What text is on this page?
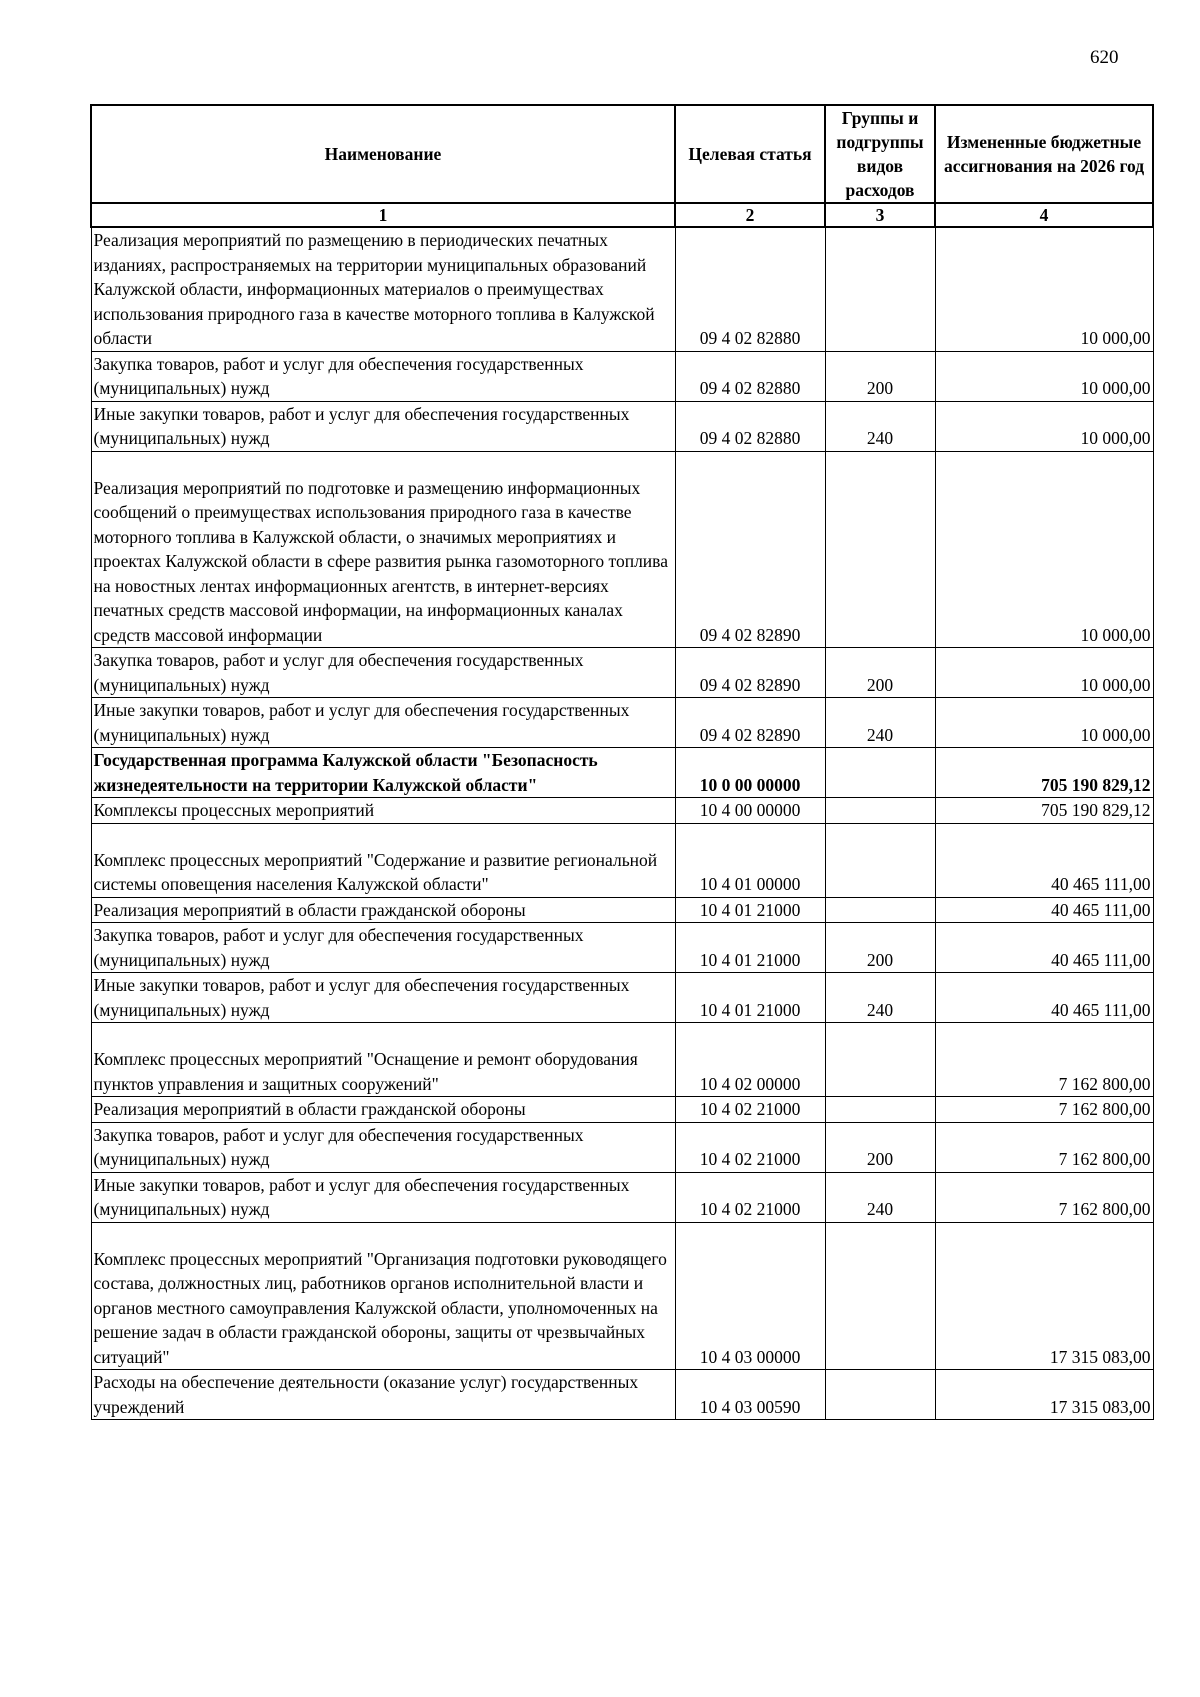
620
Наименование	Целевая статья	Группы и подгруппы видов расходов	Измененные бюджетные ассигнования на 2026 год
1	2	3	4
Реализация мероприятий по размещению в периодических печатных изданиях, распространяемых на территории муниципальных образований Калужской области, информационных материалов о преимуществах использования природного газа в качестве моторного топлива в Калужской области	09 4 02 82880		10 000,00
Закупка товаров, работ и услуг для обеспечения государственных (муниципальных) нужд	09 4 02 82880	200	10 000,00
Иные закупки товаров, работ и услуг для обеспечения государственных (муниципальных) нужд	09 4 02 82880	240	10 000,00
Реализация мероприятий по подготовке и размещению информационных сообщений о преимуществах использования природного газа в качестве моторного топлива в Калужской области, о значимых мероприятиях и проектах Калужской области в сфере развития рынка газомоторного топлива на новостных лентах информационных агентств, в интернет-версиях печатных средств массовой информации, на информационных каналах средств массовой информации	09 4 02 82890		10 000,00
Закупка товаров, работ и услуг для обеспечения государственных (муниципальных) нужд	09 4 02 82890	200	10 000,00
Иные закупки товаров, работ и услуг для обеспечения государственных (муниципальных) нужд	09 4 02 82890	240	10 000,00
Государственная программа Калужской области "Безопасность жизнедеятельности на территории Калужской области"	10 0 00 00000		705 190 829,12
Комплексы процессных мероприятий	10 4 00 00000		705 190 829,12
Комплекс процессных мероприятий "Содержание и развитие региональной системы оповещения населения Калужской области"	10 4 01 00000		40 465 111,00
Реализация мероприятий в области гражданской обороны	10 4 01 21000		40 465 111,00
Закупка товаров, работ и услуг для обеспечения государственных (муниципальных) нужд	10 4 01 21000	200	40 465 111,00
Иные закупки товаров, работ и услуг для обеспечения государственных (муниципальных) нужд	10 4 01 21000	240	40 465 111,00
Комплекс процессных мероприятий "Оснащение и ремонт оборудования пунктов управления и защитных сооружений"	10 4 02 00000		7 162 800,00
Реализация мероприятий в области гражданской обороны	10 4 02 21000		7 162 800,00
Закупка товаров, работ и услуг для обеспечения государственных (муниципальных) нужд	10 4 02 21000	200	7 162 800,00
Иные закупки товаров, работ и услуг для обеспечения государственных (муниципальных) нужд	10 4 02 21000	240	7 162 800,00
Комплекс процессных мероприятий "Организация подготовки руководящего состава, должностных лиц, работников органов исполнительной власти и органов местного самоуправления Калужской области, уполномоченных на решение задач в области гражданской обороны, защиты от чрезвычайных ситуаций"	10 4 03 00000		17 315 083,00
Расходы на обеспечение деятельности (оказание услуг) государственных учреждений	10 4 03 00590		17 315 083,00
